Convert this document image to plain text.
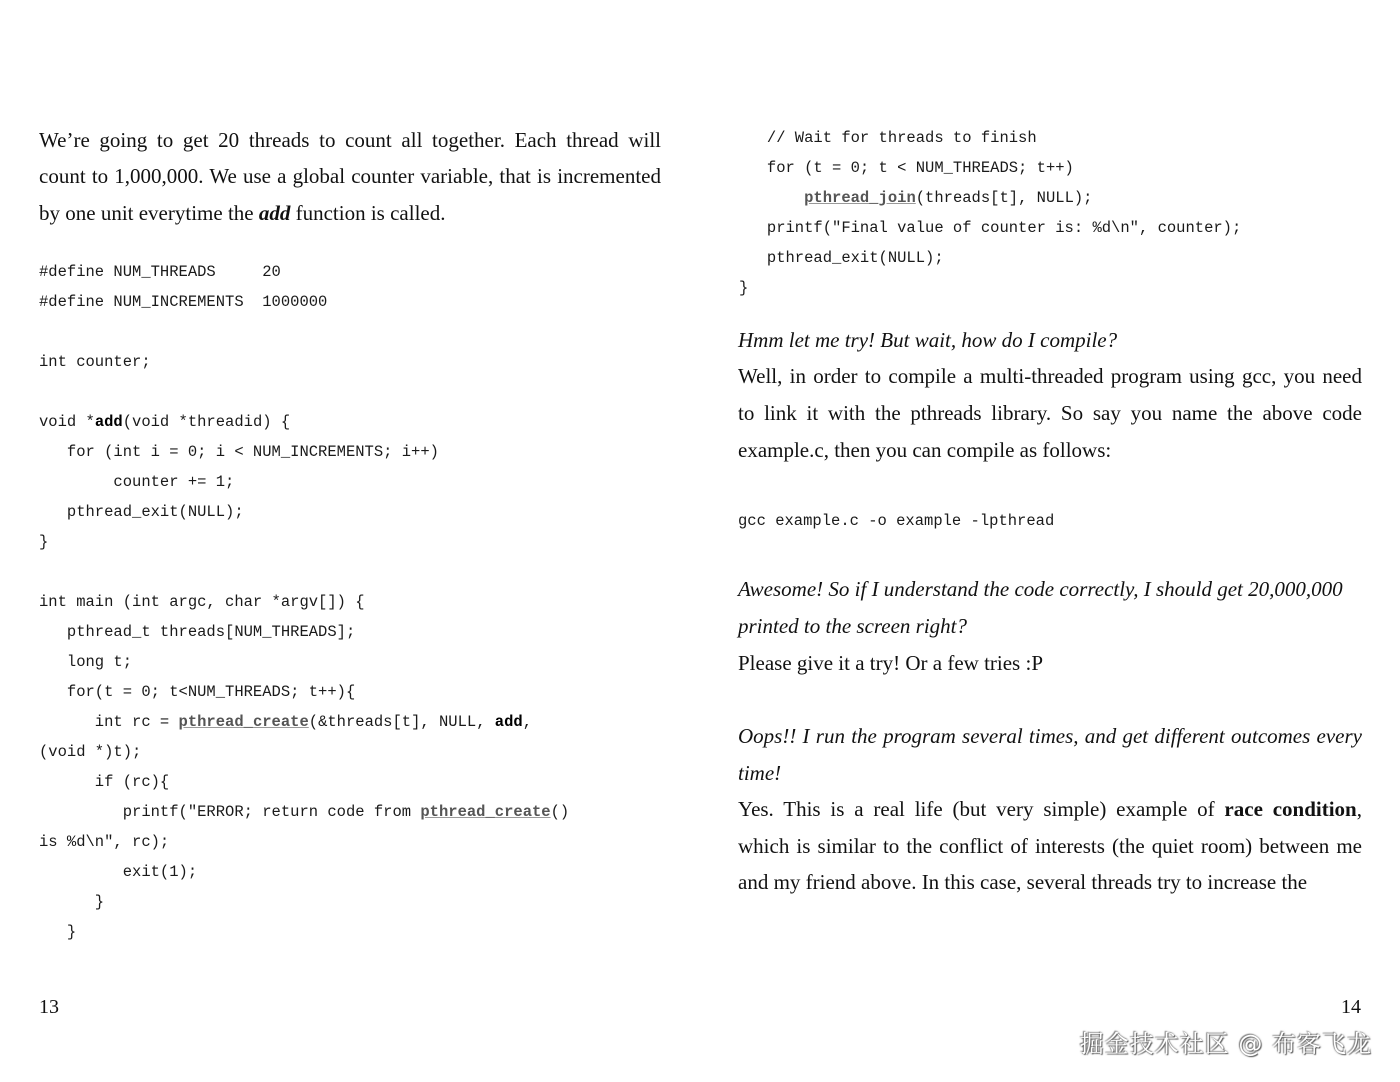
We’re going to get 20 threads to count all together. Each thread will
count to 1,000,000. We use a global counter variable, that is incremented
by one unit everytime the add function is called.
#define NUM_THREADS     20
#define NUM_INCREMENTS  1000000

int counter;

void *add(void *threadid) {
for (int i = 0; i < NUM_INCREMENTS; i++)
counter += 1;
pthread_exit(NULL);
}

int main (int argc, char *argv[]) {
pthread_t threads[NUM_THREADS];
long t;
for(t = 0; t<NUM_THREADS; t++){
int rc = pthread_create(&threads[t], NULL, add,
(void *)t);
if (rc){
printf("ERROR; return code from pthread_create()
is %d\n", rc);
exit(1);
}
}
13
// Wait for threads to finish
for (t = 0; t < NUM_THREADS; t++)
pthread_join(threads[t], NULL);
printf("Final value of counter is: %d\n", counter);
pthread_exit(NULL);
}
Hmm let me try! But wait, how do I compile?
Well, in order to compile a multi-threaded program using gcc, you need
to link it with the pthreads library. So say you name the above code
example.c, then you can compile as follows:
gcc example.c -o example -lpthread
Awesome! So if I understand the code correctly, I should get 20,000,000
printed to the screen right?
Please give it a try! Or a few tries :P
Oops!! I run the program several times, and get different outcomes every
time!
Yes. This is a real life (but very simple) example of race condition,
which is similar to the conflict of interests (the quiet room) between me
and my friend above. In this case, several threads try to increase the
14
掘金技术社区 @ 布客飞龙
